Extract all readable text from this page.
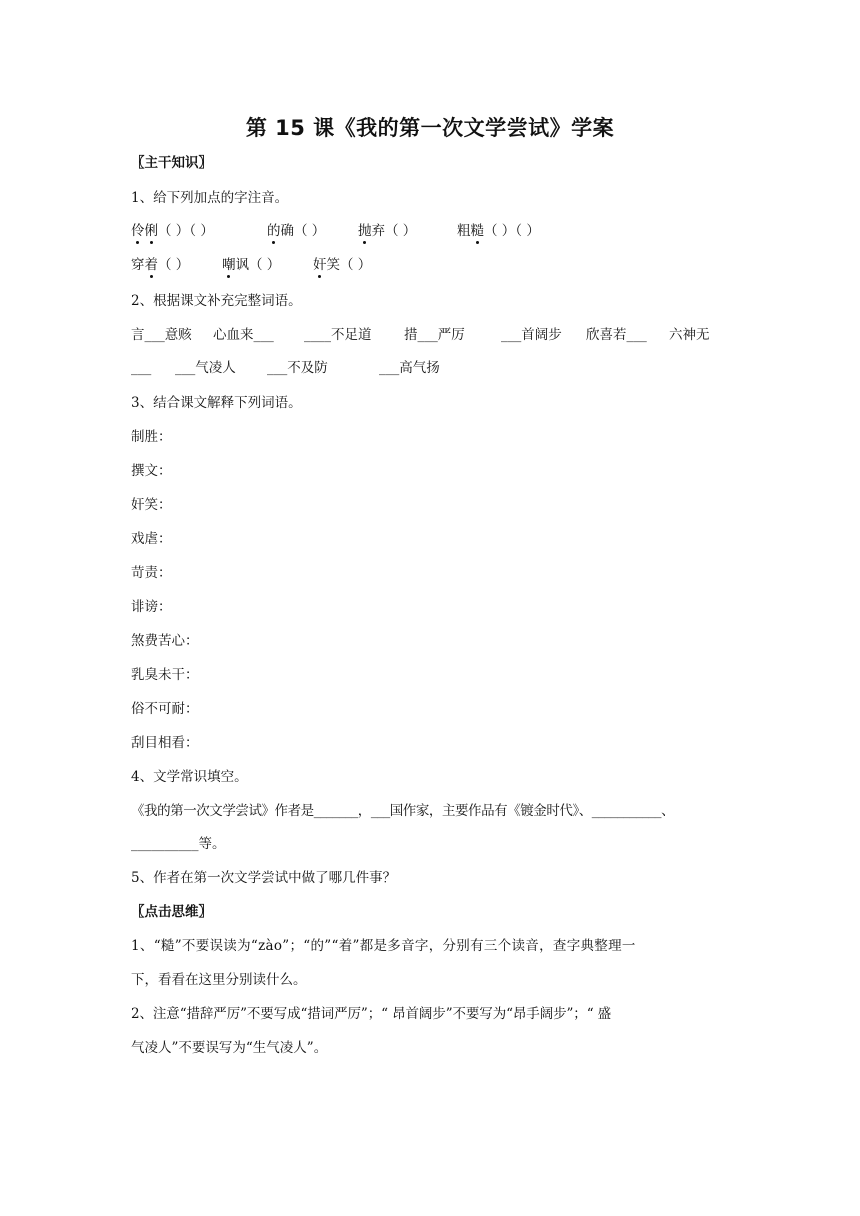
第 15 课《我的第一次文学尝试》学案
〖主干知识〗
1、给下列加点的字注音。
伶俐（ ）（ ）	的确（ ） 抛弃（ ）	粗糙（ ）（ ）
穿着（ ） 嘲讽（ ） 奸笑（ ）
2、根据课文补充完整词语。
言___意赅 心血来___ ____不足道 措___严厉	___首阔步 欣喜若___ 六神无
___ ___气凌人 ___不及防	___高气扬
3、结合课文解释下列词语。
制胜：
撰文：
奸笑：
戏虐：
苛责：
诽谤：
煞费苦心：
乳臭未干：
俗不可耐：
刮目相看：
4、文学常识填空。
《我的第一次文学尝试》作者是_______，___国作家，主要作品有《镀金时代》、___________、
__________等。
5、作者在第一次文学尝试中做了哪几件事？
〖点击思维〗
1、“糙”不要误读为“zào”；“的”“着”都是多音字，分别有三个读音，查字典整理一
下，看看在这里分别读什么。
2、注意“措辞严厉”不要写成“措词严厉”；“ 昂首阔步”不要写为“昂手阔步”；“ 盛
气凌人”不要误写为“生气凌人”。
